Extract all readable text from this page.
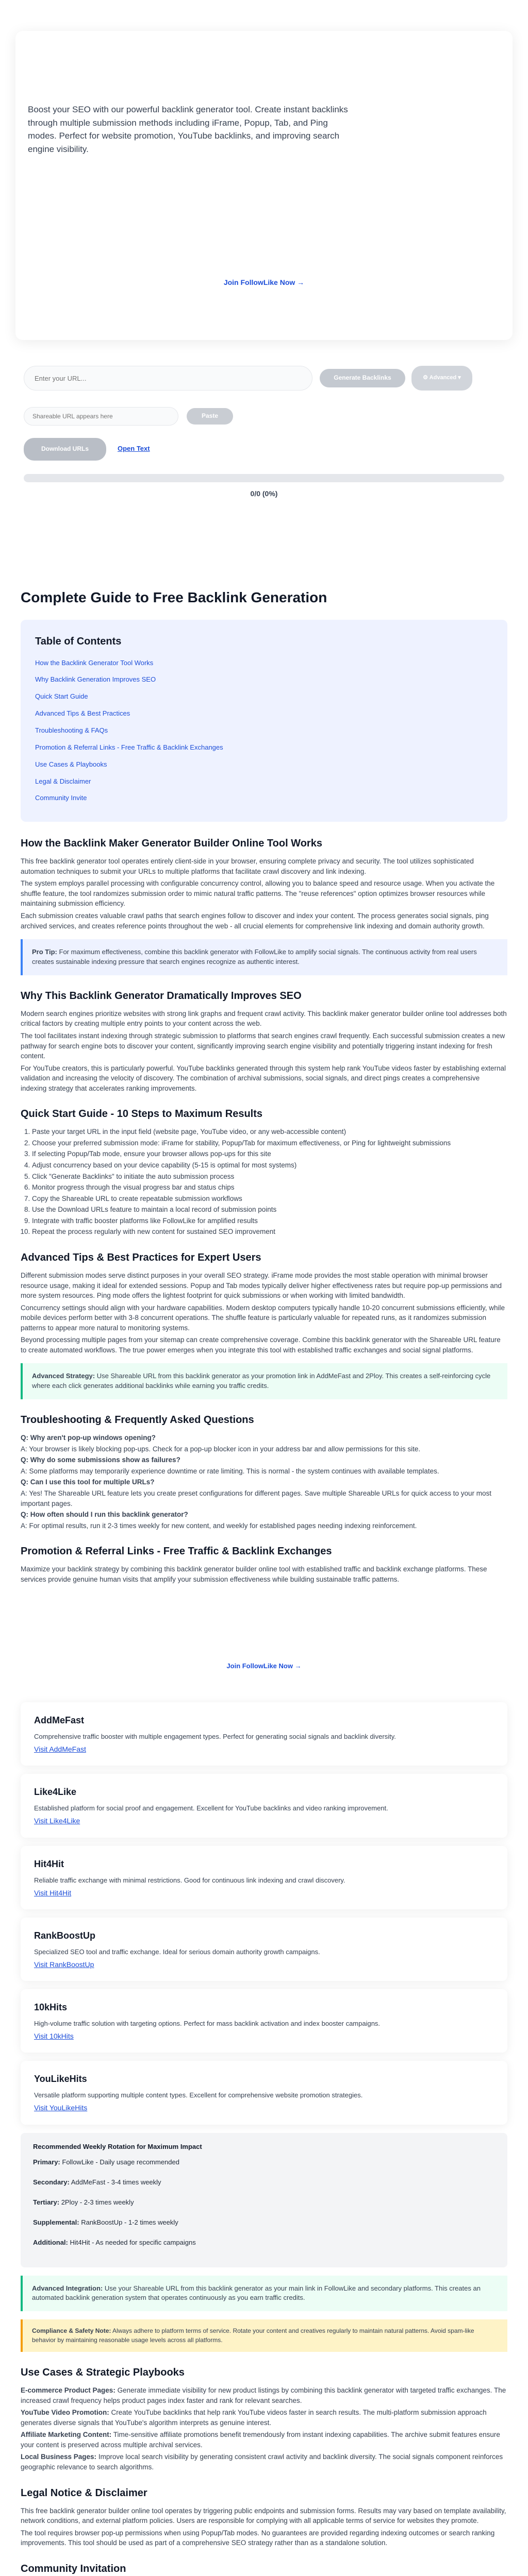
Boost your SEO with our powerful backlink generator tool. Create instant backlinks through multiple submission methods including iFrame, Popup, Tab, and Ping modes. Perfect for website promotion, YouTube backlinks, and improving search engine visibility.

Join FollowLike Now →
Enter your URL...
Generate Backlinks	⚙ Advanced ▾
Shareable URL appears here
Paste
Download URLs	Open Text
0/0 (0%)
Complete Guide to Free Backlink Generation
Table of Contents
How the Backlink Generator Tool Works
Why Backlink Generation Improves SEO
Quick Start Guide
Advanced Tips & Best Practices
Troubleshooting & FAQs
Promotion & Referral Links - Free Traffic & Backlink Exchanges
Use Cases & Playbooks
Legal & Disclaimer
Community Invite
How the Backlink Maker Generator Builder Online Tool Works

This free backlink generator tool operates entirely client-side in your browser, ensuring complete privacy and security. The tool utilizes sophisticated automation techniques to submit your URLs to multiple platforms that facilitate crawl discovery and link indexing.

The system employs parallel processing with configurable concurrency control, allowing you to balance speed and resource usage. When you activate the shuffle feature, the tool randomizes submission order to mimic natural traffic patterns. The "reuse references" option optimizes browser resources while maintaining submission efficiency.

Each submission creates valuable crawl paths that search engines follow to discover and index your content. The process generates social signals, ping archived services, and creates reference points throughout the web - all crucial elements for comprehensive link indexing and domain authority growth.

Pro Tip: For maximum effectiveness, combine this backlink generator with FollowLike to amplify social signals. The continuous activity from real users creates sustainable indexing pressure that search engines recognize as authentic interest.
Why This Backlink Generator Dramatically Improves SEO

Modern search engines prioritize websites with strong link graphs and frequent crawl activity. This backlink maker generator builder online tool addresses both critical factors by creating multiple entry points to your content across the web.

The tool facilitates instant indexing through strategic submission to platforms that search engines crawl frequently. Each successful submission creates a new pathway for search engine bots to discover your content, significantly improving search engine visibility and potentially triggering instant indexing for fresh content.

For YouTube creators, this is particularly powerful. YouTube backlinks generated through this system help rank YouTube videos faster by establishing external validation and increasing the velocity of discovery. The combination of archival submissions, social signals, and direct pings creates a comprehensive indexing strategy that accelerates ranking improvements.

Quick Start Guide - 10 Steps to Maximum Results
1. Paste your target URL in the input field (website page, YouTube video, or any web-accessible content)
2. Choose your preferred submission mode: iFrame for stability, Popup/Tab for maximum effectiveness, or Ping for lightweight submissions
3. If selecting Popup/Tab mode, ensure your browser allows pop-ups for this site
4. Adjust concurrency based on your device capability (5-15 is optimal for most systems)
5. Click "Generate Backlinks" to initiate the auto submission process
6. Monitor progress through the visual progress bar and status chips
7. Copy the Shareable URL to create repeatable submission workflows
8. Use the Download URLs feature to maintain a local record of submission points
9. Integrate with traffic booster platforms like FollowLike for amplified results
10. Repeat the process regularly with new content for sustained SEO improvement
Advanced Tips & Best Practices for Expert Users

Different submission modes serve distinct purposes in your overall SEO strategy. iFrame mode provides the most stable operation with minimal browser resource usage, making it ideal for extended sessions. Popup and Tab modes typically deliver higher effectiveness rates but require pop-up permissions and more system resources. Ping mode offers the lightest footprint for quick submissions or when working with limited bandwidth.

Concurrency settings should align with your hardware capabilities. Modern desktop computers typically handle 10-20 concurrent submissions efficiently, while mobile devices perform better with 3-8 concurrent operations. The shuffle feature is particularly valuable for repeated runs, as it randomizes submission patterns to appear more natural to monitoring systems.

Beyond processing multiple pages from your sitemap can create comprehensive coverage. Combine this backlink generator with the Shareable URL feature to create automated workflows. The true power emerges when you integrate this tool with established traffic exchanges and social signal platforms.

Advanced Strategy: Use Shareable URL from this backlink generator as your promotion link in AddMeFast and 2Ploy. This creates a self-reinforcing cycle where each click generates additional backlinks while earning you traffic credits.
Troubleshooting & Frequently Asked Questions

Q: Why aren't pop-up windows opening?

A: Your browser is likely blocking pop-ups. Check for a pop-up blocker icon in your address bar and allow permissions for this site.

Q: Why do some submissions show as failures?

A: Some platforms may temporarily experience downtime or rate limiting. This is normal - the system continues with available templates.

Q: Can I use this tool for multiple URLs?

A: Yes! The Shareable URL feature lets you create preset configurations for different pages. Save multiple Shareable URLs for quick access to your most important pages.

Q: How often should I run this backlink generator?

A: For optimal results, run it 2-3 times weekly for new content, and weekly for established pages needing indexing reinforcement.

Promotion & Referral Links - Free Traffic & Backlink Exchanges

Maximize your backlink strategy by combining this backlink generator builder online tool with established traffic and backlink exchange platforms. These services provide genuine human visits that amplify your submission effectiveness while building sustainable traffic patterns.

Join FollowLike Now →
AddMeFast

Comprehensive traffic booster with multiple engagement types. Perfect for generating social signals and backlink diversity.

Visit AddMeFast
Like4Like

Established platform for social proof and engagement. Excellent for YouTube backlinks and video ranking improvement.

Visit Like4Like
Hit4Hit

Reliable traffic exchange with minimal restrictions. Good for continuous link indexing and crawl discovery.

Visit Hit4Hit
RankBoostUp

Specialized SEO tool and traffic exchange. Ideal for serious domain authority growth campaigns.

Visit RankBoostUp
10kHits

High-volume traffic solution with targeting options. Perfect for mass backlink activation and index booster campaigns.

Visit 10kHits
YouLikeHits

Versatile platform supporting multiple content types. Excellent for comprehensive website promotion strategies.

Visit YouLikeHits
Recommended Weekly Rotation for Maximum Impact
Primary: FollowLike - Daily usage recommended
Secondary: AddMeFast - 3-4 times weekly
Tertiary: 2Ploy - 2-3 times weekly
Supplemental: RankBoostUp - 1-2 times weekly
Additional: Hit4Hit - As needed for specific campaigns
Advanced Integration: Use your Shareable URL from this backlink generator as your main link in FollowLike and secondary platforms. This creates an automated backlink generation system that operates continuously as you earn traffic credits.
Compliance & Safety Note: Always adhere to platform terms of service. Rotate your content and creatives regularly to maintain natural patterns. Avoid spam-like behavior by maintaining reasonable usage levels across all platforms.
Use Cases & Strategic Playbooks

E-commerce Product Pages: Generate immediate visibility for new product listings by combining this backlink generator with targeted traffic exchanges. The increased crawl frequency helps product pages index faster and rank for relevant searches.

YouTube Video Promotion: Create YouTube backlinks that help rank YouTube videos faster in search results. The multi-platform submission approach generates diverse signals that YouTube's algorithm interprets as genuine interest.

Affiliate Marketing Content: Time-sensitive affiliate promotions benefit tremendously from instant indexing capabilities. The archive submit features ensure your content is preserved across multiple archival services.

Local Business Pages: Improve local search visibility by generating consistent crawl activity and backlink diversity. The social signals component reinforces geographic relevance to search algorithms.

Legal Notice & Disclaimer

This free backlink generator builder online tool operates by triggering public endpoints and submission forms. Results may vary based on template availability, network conditions, and external platform policies. Users are responsible for complying with all applicable terms of service for websites they promote.

The tool requires browser pop-up permissions when using Popup/Tab modes. No guarantees are provided regarding indexing outcomes or search ranking improvements. This tool should be used as part of a comprehensive SEO strategy rather than as a standalone solution.

Community Invitation
